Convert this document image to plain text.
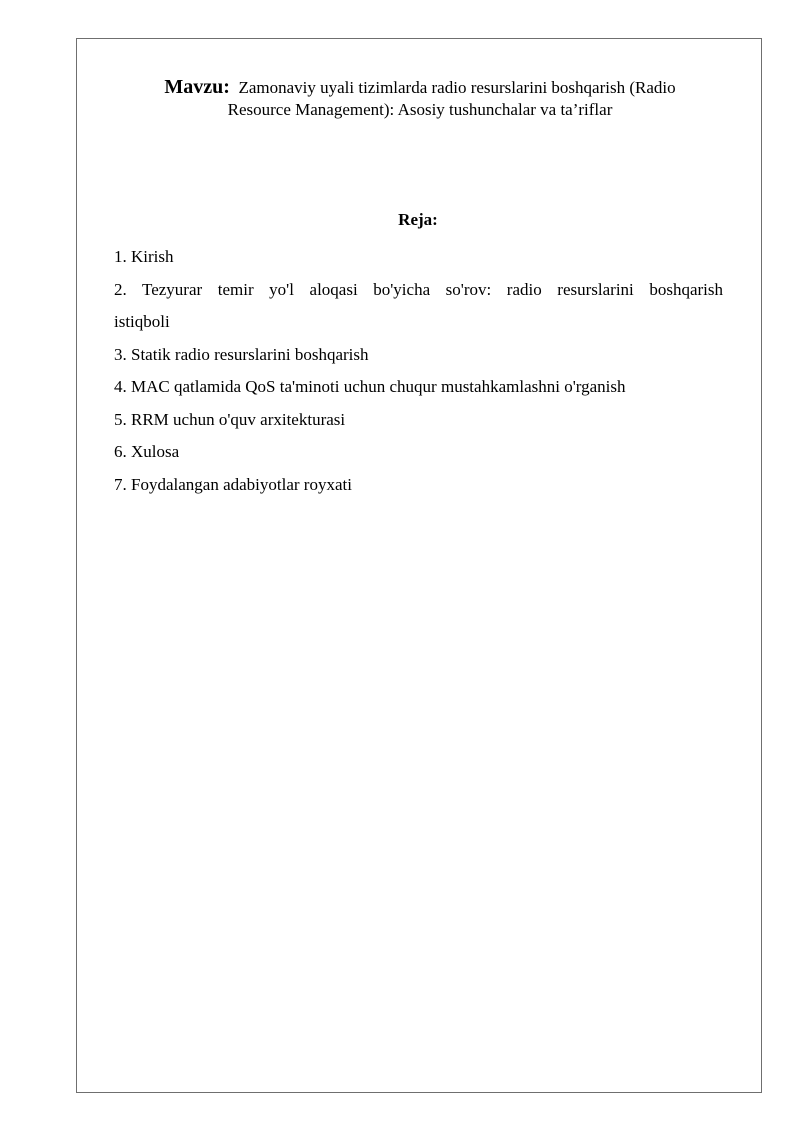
Mavzu: Zamonaviy uyali tizimlarda radio resurslarini boshqarish (Radio
Resource Management): Asosiy tushunchalar va ta’riflar
Reja:
1. Kirish
2. Tezyurar temir yo'l aloqasi bo'yicha so'rov: radio resurslarini boshqarish
istiqboli
3. Statik radio resurslarini boshqarish
4. MAC qatlamida QoS ta'minoti uchun chuqur mustahkamlashni o'rganish
5. RRM uchun o'quv arxitekturasi
6. Xulosa
7. Foydalangan adabiyotlar royxati
